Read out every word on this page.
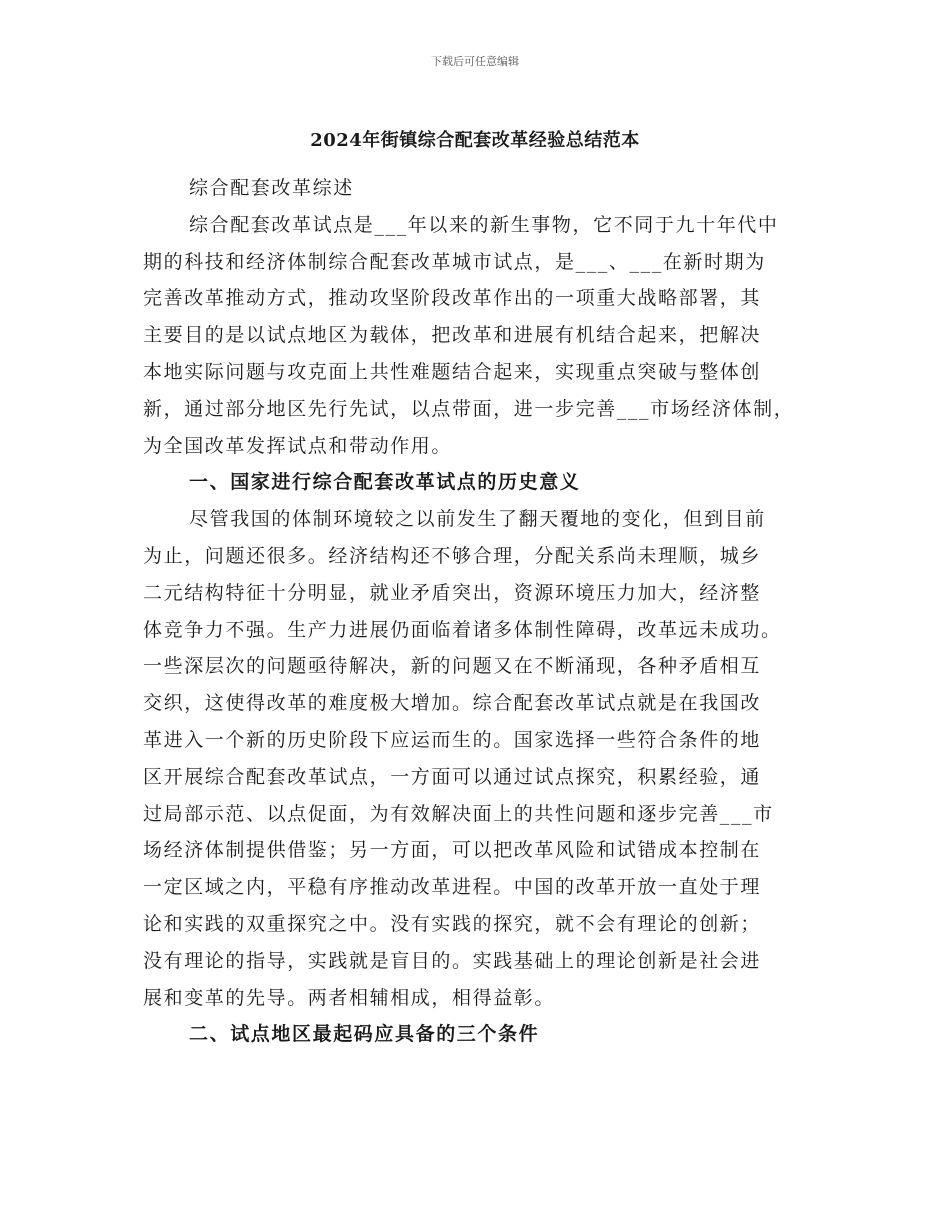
下载后可任意编辑
2024年街镇综合配套改革经验总结范本
综合配套改革综述
综合配套改革试点是___年以来的新生事物，它不同于九十年代中
期的科技和经济体制综合配套改革城市试点，是___、___在新时期为
完善改革推动方式，推动攻坚阶段改革作出的一项重大战略部署，其
主要目的是以试点地区为载体，把改革和进展有机结合起来，把解决
本地实际问题与攻克面上共性难题结合起来，实现重点突破与整体创
新，通过部分地区先行先试，以点带面，进一步完善___市场经济体制，
为全国改革发挥试点和带动作用。
一、国家进行综合配套改革试点的历史意义
尽管我国的体制环境较之以前发生了翻天覆地的变化，但到目前
为止，问题还很多。经济结构还不够合理，分配关系尚未理顺，城乡
二元结构特征十分明显，就业矛盾突出，资源环境压力加大，经济整
体竞争力不强。生产力进展仍面临着诸多体制性障碍，改革远未成功。
一些深层次的问题亟待解决，新的问题又在不断涌现，各种矛盾相互
交织，这使得改革的难度极大增加。综合配套改革试点就是在我国改
革进入一个新的历史阶段下应运而生的。国家选择一些符合条件的地
区开展综合配套改革试点，一方面可以通过试点探究，积累经验，通
过局部示范、以点促面，为有效解决面上的共性问题和逐步完善___市
场经济体制提供借鉴；另一方面，可以把改革风险和试错成本控制在
一定区域之内，平稳有序推动改革进程。中国的改革开放一直处于理
论和实践的双重探究之中。没有实践的探究，就不会有理论的创新；
没有理论的指导，实践就是盲目的。实践基础上的理论创新是社会进
展和变革的先导。两者相辅相成，相得益彰。
二、试点地区最起码应具备的三个条件
